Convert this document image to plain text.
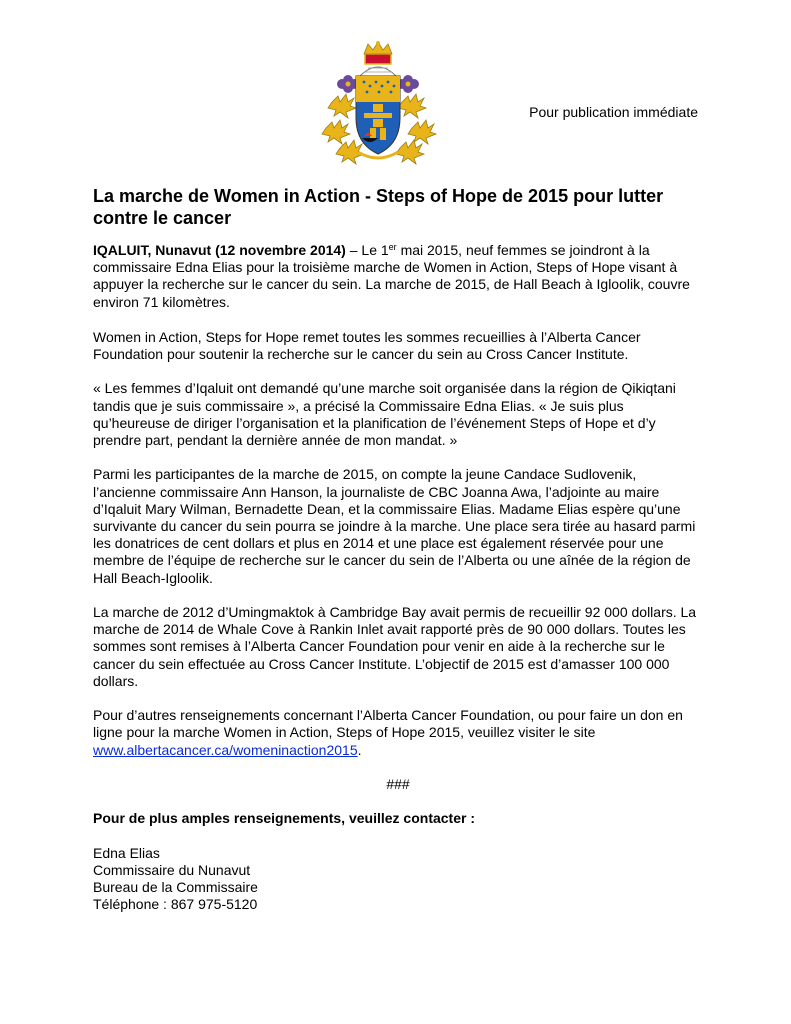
Pour publication immédiate
La marche de Women in Action - Steps of Hope de 2015 pour lutter contre le cancer

IQALUIT, Nunavut (12 novembre 2014) – Le 1er mai 2015, neuf femmes se joindront à la commissaire Edna Elias pour la troisième marche de Women in Action, Steps of Hope visant à appuyer la recherche sur le cancer du sein. La marche de 2015, de Hall Beach à Igloolik, couvre environ 71 kilomètres.

Women in Action, Steps for Hope remet toutes les sommes recueillies à l’Alberta Cancer Foundation pour soutenir la recherche sur le cancer du sein au Cross Cancer Institute.

« Les femmes d’Iqaluit ont demandé qu’une marche soit organisée dans la région de Qikiqtani tandis que je suis commissaire », a précisé la Commissaire Edna Elias. « Je suis plus qu’heureuse de diriger l’organisation et la planification de l’événement Steps of Hope et d’y prendre part, pendant la dernière année de mon mandat. »

Parmi les participantes de la marche de 2015, on compte la jeune Candace Sudlovenik, l’ancienne commissaire Ann Hanson, la journaliste de CBC Joanna Awa, l’adjointe au maire d’Iqaluit Mary Wilman, Bernadette Dean, et la commissaire Elias. Madame Elias espère qu’une survivante du cancer du sein pourra se joindre à la marche. Une place sera tirée au hasard parmi les donatrices de cent dollars et plus en 2014 et une place est également réservée pour une membre de l’équipe de recherche sur le cancer du sein de l’Alberta ou une aînée de la région de Hall Beach-Igloolik.

La marche de 2012 d’Umingmaktok à Cambridge Bay avait permis de recueillir 92 000 dollars. La marche de 2014 de Whale Cove à Rankin Inlet avait rapporté près de 90 000 dollars. Toutes les sommes sont remises à l’Alberta Cancer Foundation pour venir en aide à la recherche sur le cancer du sein effectuée au Cross Cancer Institute. L’objectif de 2015 est d’amasser 100 000 dollars.

Pour d’autres renseignements concernant l’Alberta Cancer Foundation, ou pour faire un don en ligne pour la marche Women in Action, Steps of Hope 2015, veuillez visiter le site www.albertacancer.ca/womeninaction2015.

###

Pour de plus amples renseignements, veuillez contacter :

Edna Elias
Commissaire du Nunavut
Bureau de la Commissaire
Téléphone : 867 975-5120
